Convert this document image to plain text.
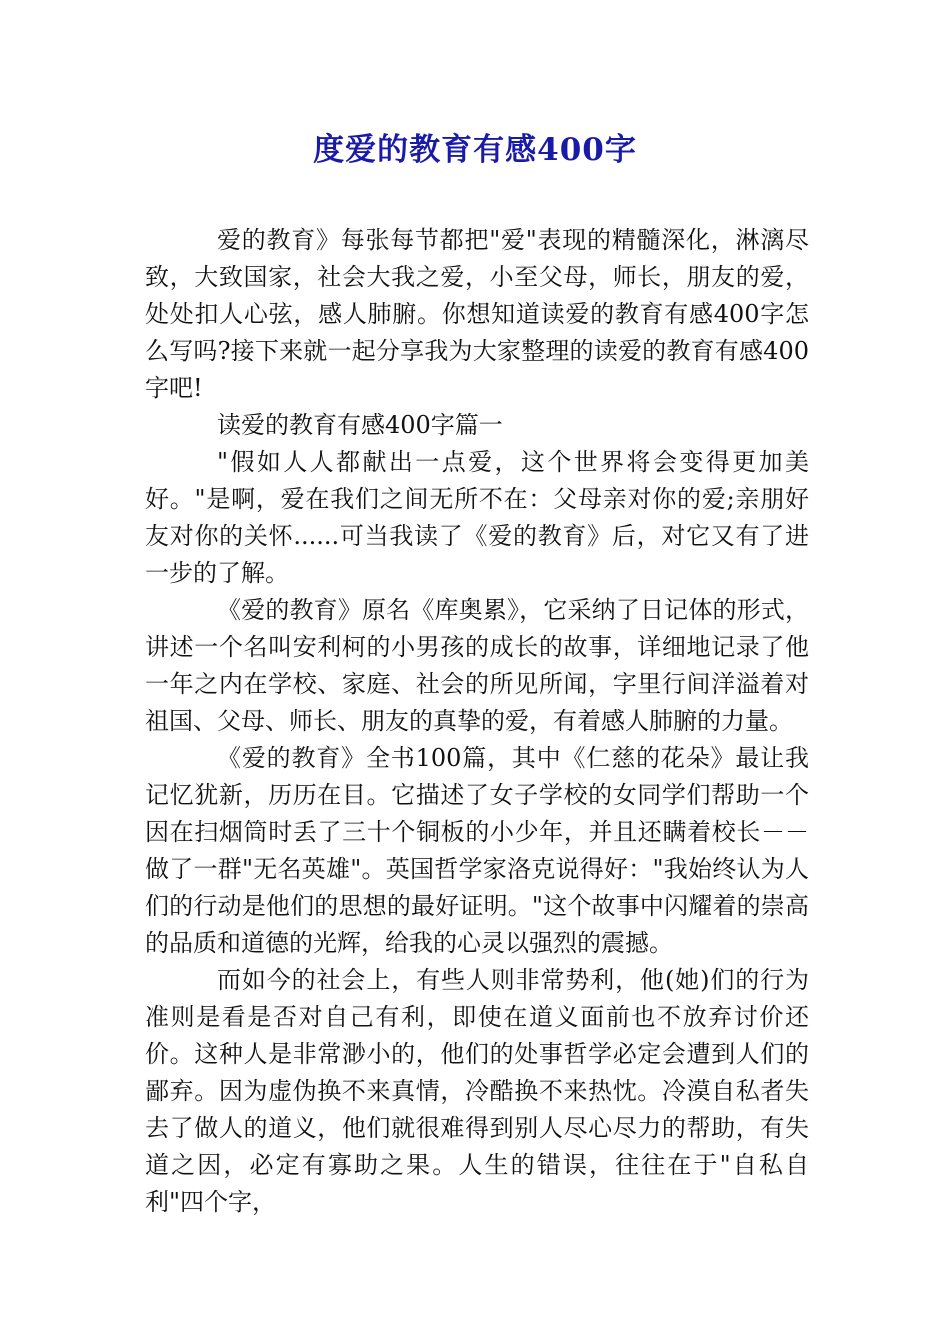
度爱的教育有感400字

爱的教育》每张每节都把"爱"表现的精髓深化，淋漓尽致，大致国家，社会大我之爱，小至父母，师长，朋友的爱，处处扣人心弦，感人肺腑。你想知道读爱的教育有感400字怎么写吗?接下来就一起分享我为大家整理的读爱的教育有感400字吧!

读爱的教育有感400字篇一

"假如人人都献出一点爱，这个世界将会变得更加美好。"是啊，爱在我们之间无所不在：父母亲对你的爱;亲朋好友对你的关怀......可当我读了《爱的教育》后，对它又有了进一步的了解。

《爱的教育》原名《库奥累》，它采纳了日记体的形式，讲述一个名叫安利柯的小男孩的成长的故事，详细地记录了他一年之内在学校、家庭、社会的所见所闻，字里行间洋溢着对祖国、父母、师长、朋友的真挚的爱，有着感人肺腑的力量。

《爱的教育》全书100篇，其中《仁慈的花朵》最让我记忆犹新，历历在目。它描述了女子学校的女同学们帮助一个因在扫烟筒时丢了三十个铜板的小少年，并且还瞒着校长－－做了一群"无名英雄"。英国哲学家洛克说得好："我始终认为人们的行动是他们的思想的最好证明。"这个故事中闪耀着的崇高的品质和道德的光辉，给我的心灵以强烈的震撼。

而如今的社会上，有些人则非常势利，他(她)们的行为准则是看是否对自己有利，即使在道义面前也不放弃讨价还价。这种人是非常渺小的，他们的处事哲学必定会遭到人们的鄙弃。因为虚伪换不来真情，冷酷换不来热忱。冷漠自私者失去了做人的道义，他们就很难得到别人尽心尽力的帮助，有失道之因，必定有寡助之果。人生的错误，往往在于"自私自利"四个字，
